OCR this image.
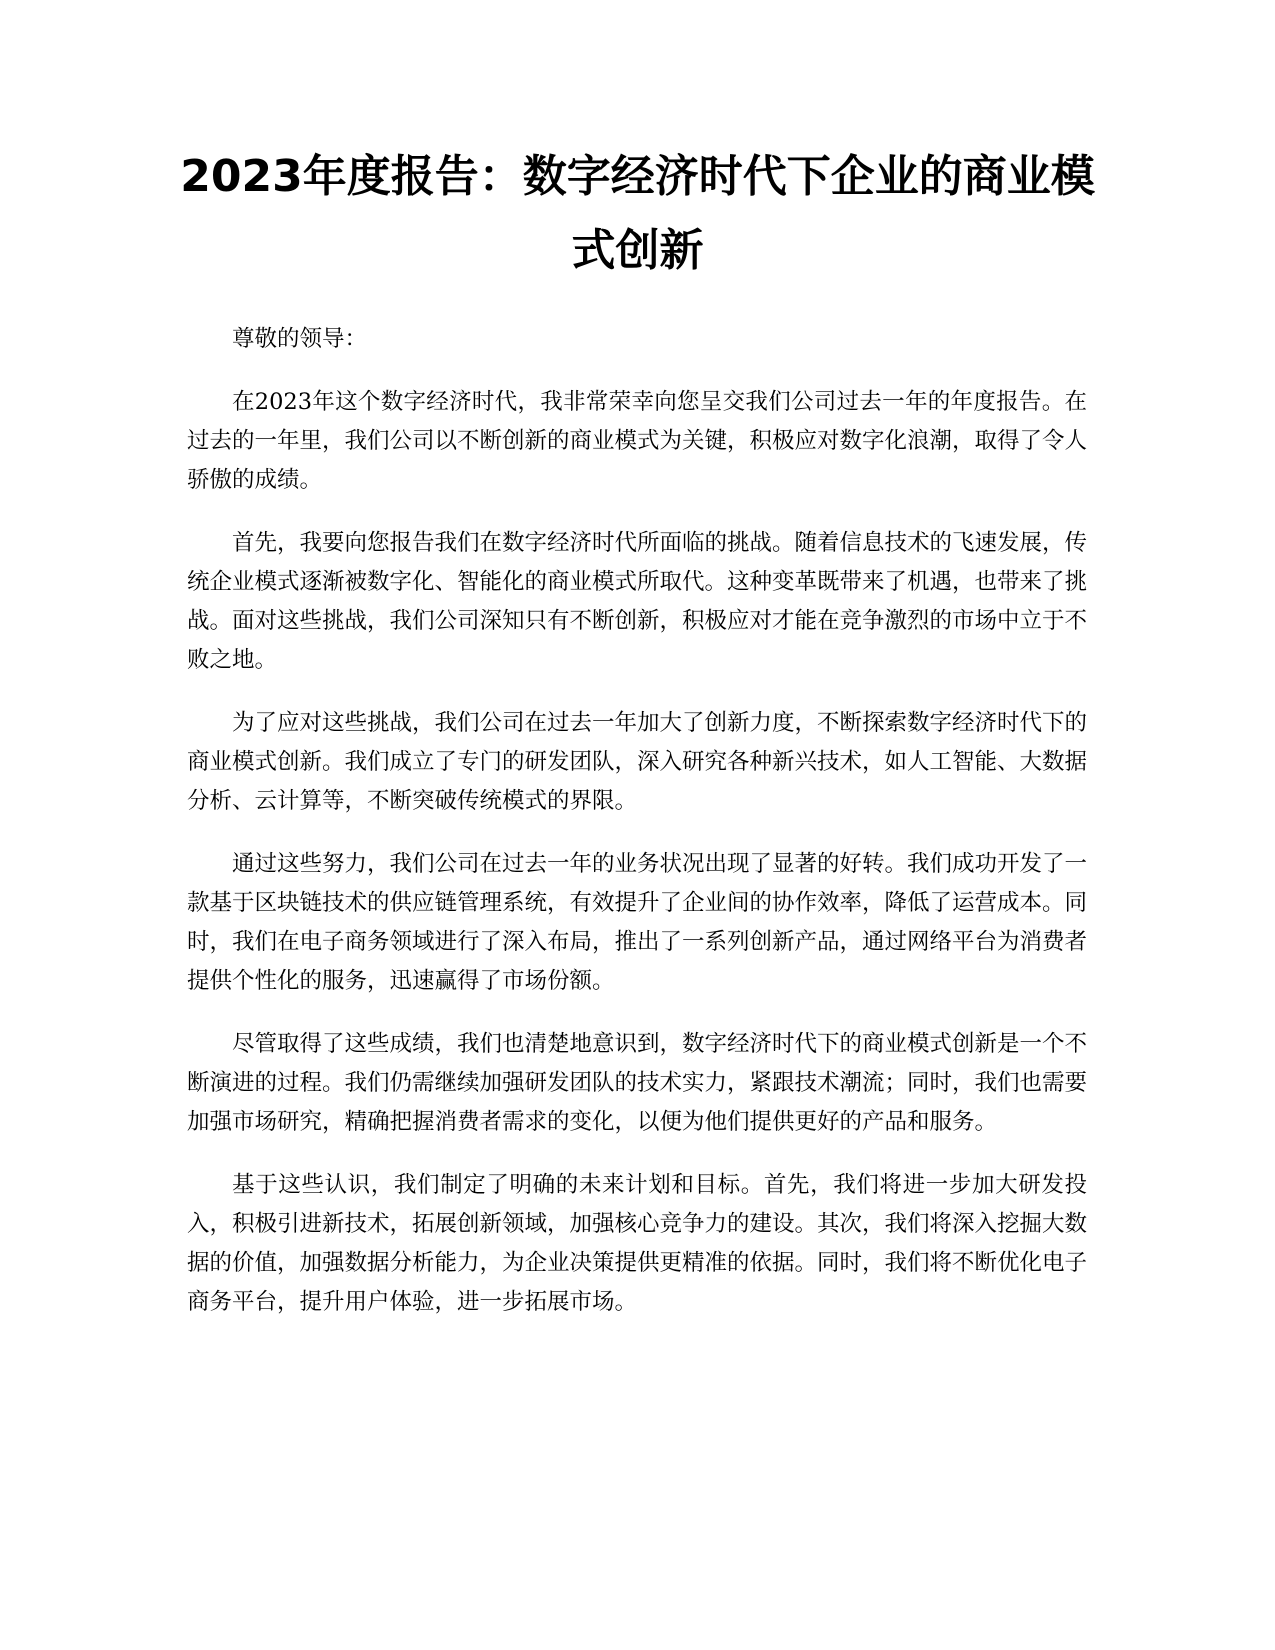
2023年度报告：数字经济时代下企业的商业模式创新

尊敬的领导：

在2023年这个数字经济时代，我非常荣幸向您呈交我们公司过去一年的年度报告。在过去的一年里，我们公司以不断创新的商业模式为关键，积极应对数字化浪潮，取得了令人骄傲的成绩。

首先，我要向您报告我们在数字经济时代所面临的挑战。随着信息技术的飞速发展，传统企业模式逐渐被数字化、智能化的商业模式所取代。这种变革既带来了机遇，也带来了挑战。面对这些挑战，我们公司深知只有不断创新，积极应对才能在竞争激烈的市场中立于不败之地。

为了应对这些挑战，我们公司在过去一年加大了创新力度，不断探索数字经济时代下的商业模式创新。我们成立了专门的研发团队，深入研究各种新兴技术，如人工智能、大数据分析、云计算等，不断突破传统模式的界限。

通过这些努力，我们公司在过去一年的业务状况出现了显著的好转。我们成功开发了一款基于区块链技术的供应链管理系统，有效提升了企业间的协作效率，降低了运营成本。同时，我们在电子商务领域进行了深入布局，推出了一系列创新产品，通过网络平台为消费者提供个性化的服务，迅速赢得了市场份额。

尽管取得了这些成绩，我们也清楚地意识到，数字经济时代下的商业模式创新是一个不断演进的过程。我们仍需继续加强研发团队的技术实力，紧跟技术潮流；同时，我们也需要加强市场研究，精确把握消费者需求的变化，以便为他们提供更好的产品和服务。

基于这些认识，我们制定了明确的未来计划和目标。首先，我们将进一步加大研发投入，积极引进新技术，拓展创新领域，加强核心竞争力的建设。其次，我们将深入挖掘大数据的价值，加强数据分析能力，为企业决策提供更精准的依据。同时，我们将不断优化电子商务平台，提升用户体验，进一步拓展市场。
